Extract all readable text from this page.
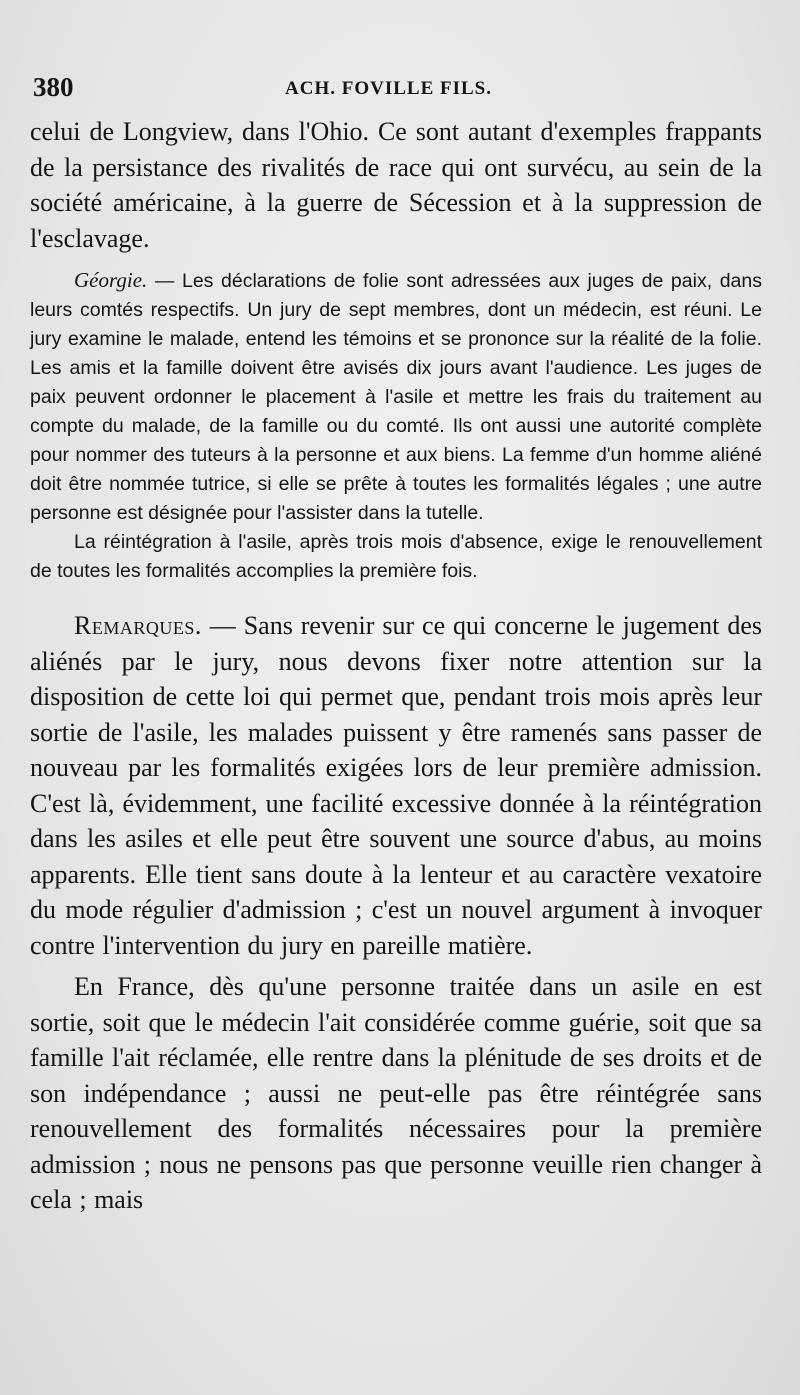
380	ACH. FOVILLE FILS.

celui de Longview, dans l'Ohio. Ce sont autant d'exemples frappants de la persistance des rivalités de race qui ont survécu, au sein de la société américaine, à la guerre de Sécession et à la suppression de l'esclavage.

Géorgie. — Les déclarations de folie sont adressées aux juges de paix, dans leurs comtés respectifs. Un jury de sept membres, dont un médecin, est réuni. Le jury examine le malade, entend les témoins et se prononce sur la réalité de la folie. Les amis et la famille doivent être avisés dix jours avant l'audience. Les juges de paix peuvent ordonner le placement à l'asile et mettre les frais du traitement au compte du malade, de la famille ou du comté. Ils ont aussi une autorité complète pour nommer des tuteurs à la personne et aux biens. La femme d'un homme aliéné doit être nommée tutrice, si elle se prête à toutes les formalités légales ; une autre personne est désignée pour l'assister dans la tutelle.

La réintégration à l'asile, après trois mois d'absence, exige le renouvellement de toutes les formalités accomplies la première fois.

Remarques. — Sans revenir sur ce qui concerne le jugement des aliénés par le jury, nous devons fixer notre attention sur la disposition de cette loi qui permet que, pendant trois mois après leur sortie de l'asile, les malades puissent y être ramenés sans passer de nouveau par les formalités exigées lors de leur première admission. C'est là, évidemment, une facilité excessive donnée à la réintégration dans les asiles et elle peut être souvent une source d'abus, au moins apparents. Elle tient sans doute à la lenteur et au caractère vexatoire du mode régulier d'admission ; c'est un nouvel argument à invoquer contre l'intervention du jury en pareille matière.

En France, dès qu'une personne traitée dans un asile en est sortie, soit que le médecin l'ait considérée comme guérie, soit que sa famille l'ait réclamée, elle rentre dans la plénitude de ses droits et de son indépendance ; aussi ne peut-elle pas être réintégrée sans renouvellement des formalités nécessaires pour la première admission ; nous ne pensons pas que personne veuille rien changer à cela ; mais
